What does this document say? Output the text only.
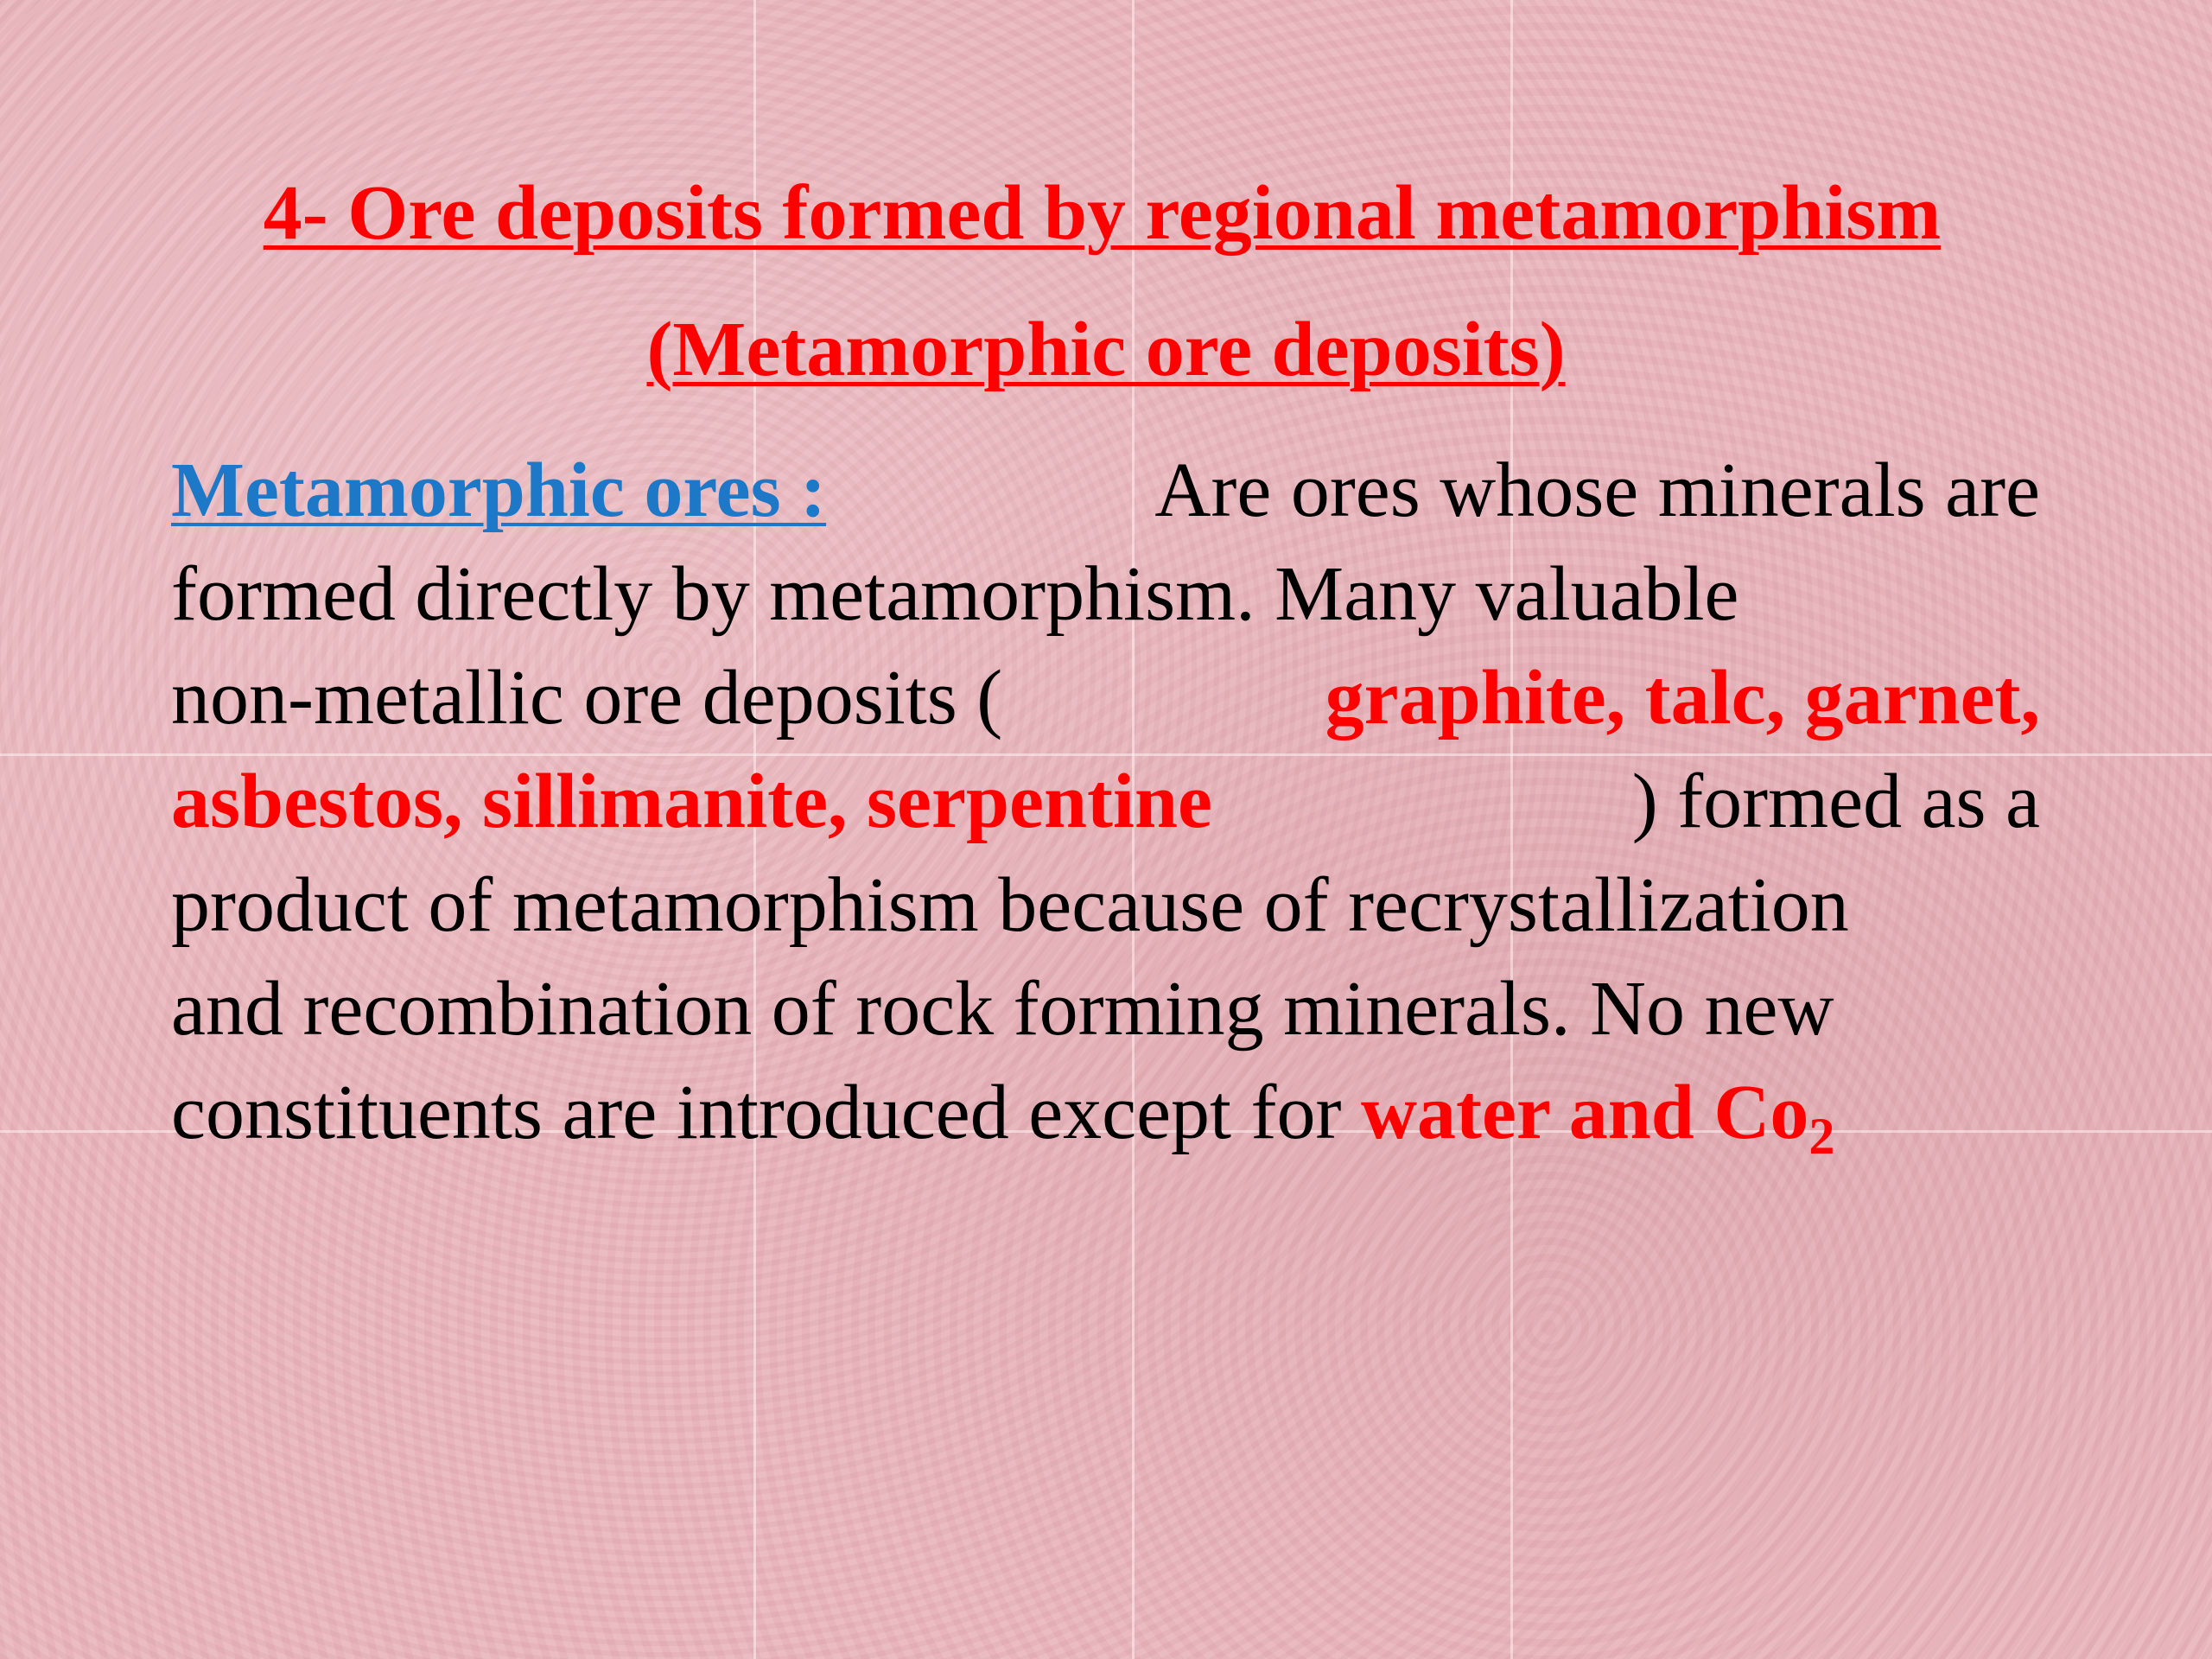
4- Ore deposits formed by regional metamorphism
(Metamorphic ore deposits)
Metamorphic ores :	Are ores whose minerals are
formed directly by metamorphism. Many valuable
non-metallic ore deposits (	graphite, talc, garnet,
asbestos, sillimanite, serpentine	) formed as a
product of metamorphism because of recrystallization
and recombination of rock forming minerals. No new
constituents are introduced except for water and $Co_2$
